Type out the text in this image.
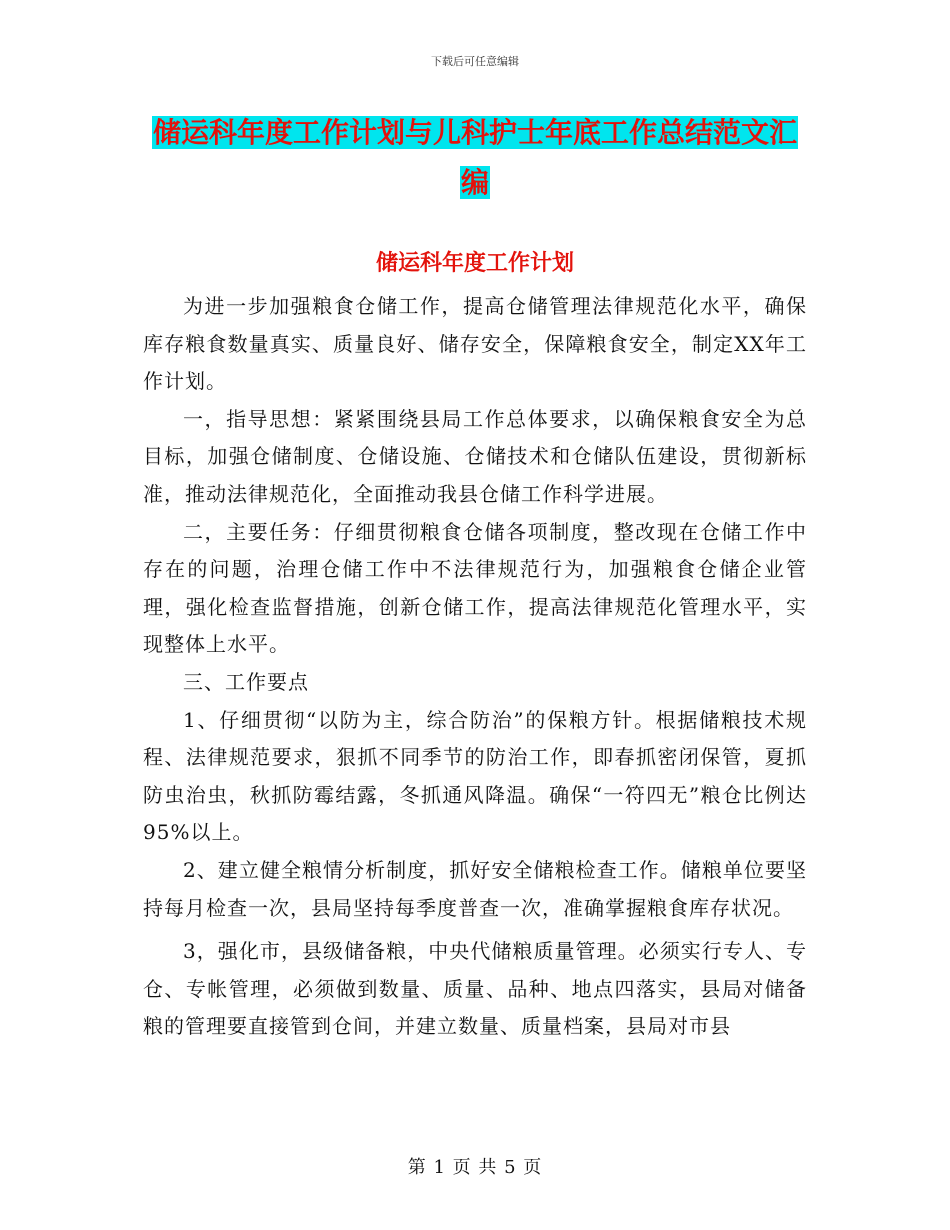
下载后可任意编辑
储运科年度工作计划与儿科护士年底工作总结范文汇
编
储运科年度工作计划

为进一步加强粮食仓储工作，提高仓储管理法律规范化水平，确保库存粮食数量真实、质量良好、储存安全，保障粮食安全，制定XX年工作计划。

一，指导思想：紧紧围绕县局工作总体要求，以确保粮食安全为总目标，加强仓储制度、仓储设施、仓储技术和仓储队伍建设，贯彻新标准，推动法律规范化，全面推动我县仓储工作科学进展。

二，主要任务：仔细贯彻粮食仓储各项制度，整改现在仓储工作中存在的问题，治理仓储工作中不法律规范行为，加强粮食仓储企业管理，强化检查监督措施，创新仓储工作，提高法律规范化管理水平，实现整体上水平。

三、工作要点

1、仔细贯彻“以防为主，综合防治”的保粮方针。根据储粮技术规程、法律规范要求，狠抓不同季节的防治工作，即春抓密闭保管，夏抓防虫治虫，秋抓防霉结露，冬抓通风降温。确保“一符四无”粮仓比例达95%以上。

2、建立健全粮情分析制度，抓好安全储粮检查工作。储粮单位要坚持每月检查一次，县局坚持每季度普查一次，准确掌握粮食库存状况。

3，强化市，县级储备粮，中央代储粮质量管理。必须实行专人、专仓、专帐管理，必须做到数量、质量、品种、地点四落实，县局对储备粮的管理要直接管到仓间，并建立数量、质量档案，县局对市县

第 1 页 共 5 页
